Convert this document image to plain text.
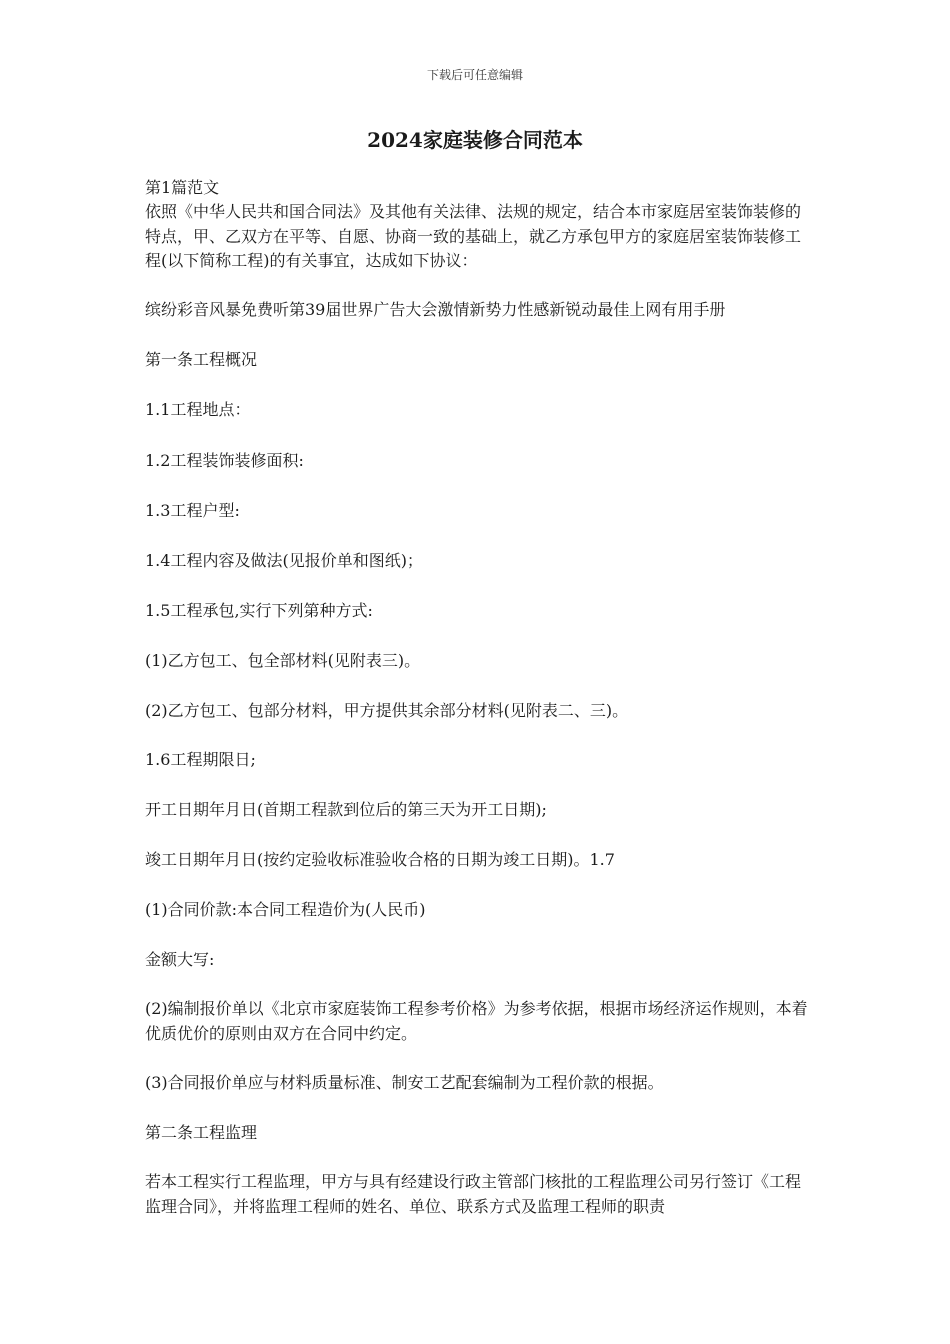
下载后可任意编辑
2024家庭装修合同范本

第1篇范文

依照《中华人民共和国合同法》及其他有关法律、法规的规定，结合本市家庭居室装饰装修的特点，甲、乙双方在平等、自愿、协商一致的基础上，就乙方承包甲方的家庭居室装饰装修工程(以下简称工程)的有关事宜，达成如下协议：

缤纷彩音风暴免费听第39届世界广告大会激情新势力性感新锐动最佳上网有用手册

第一条工程概况

1.1工程地点：

1.2工程装饰装修面积:

1.3工程户型:

1.4工程内容及做法(见报价单和图纸)；

1.5工程承包,实行下列第种方式:

(1)乙方包工、包全部材料(见附表三)。

(2)乙方包工、包部分材料，甲方提供其余部分材料(见附表二、三)。

1.6工程期限日;

开工日期年月日(首期工程款到位后的第三天为开工日期);

竣工日期年月日(按约定验收标准验收合格的日期为竣工日期)。1.7

(1)合同价款:本合同工程造价为(人民币)

金额大写:

(2)编制报价单以《北京市家庭装饰工程参考价格》为参考依据，根据市场经济运作规则，本着优质优价的原则由双方在合同中约定。

(3)合同报价单应与材料质量标准、制安工艺配套编制为工程价款的根据。

第二条工程监理

若本工程实行工程监理，甲方与具有经建设行政主管部门核批的工程监理公司另行签订《工程监理合同》，并将监理工程师的姓名、单位、联系方式及监理工程师的职责
